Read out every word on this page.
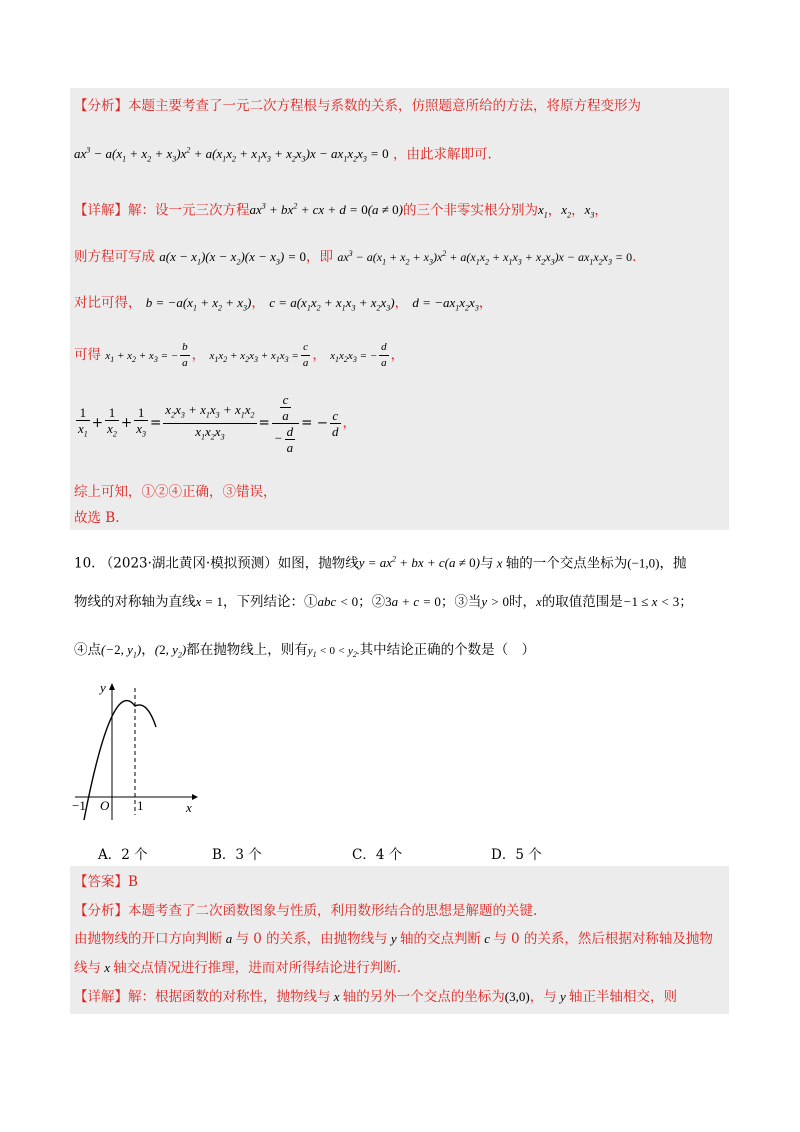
【分析】本题主要考查了一元二次方程根与系数的关系，仿照题意所给的方法，将原方程变形为
$ax^3 - a(x_1 + x_2 + x_3)x^2 + a(x_1x_2 + x_1x_3 + x_2x_3)x - ax_1x_2x_3 = 0$ ，由此求解即可.
【详解】解：设一元三次方程$ax^3 + bx^2$ + cx + d = 0(a ≠ 0)的三个非零实根分别为$x_1$，$x_2$，$x_3$，
则方程可写成 $a(x - x_1)(x - x_2)(x - x_3) = 0$，即 $ax^3 - a(x_1 + x_2 + x_3)x^2 + a(x_1x_2 + x_1x_3 + x_2x_3)x - ax_1x_2x_3 = 0$.
对比可得， $b = -a(x_1 + x_2 + x_3)$， $c = a(x_1x_2 + x_1x_3 + x_2x_3)$， $d = -ax_1x_2x_3$，
可得 $x_1 + x_2 + x_3$ = − $\frac{b}{a}$ ， $x_1x_2 + x_2x_3 + x_1x_3 = \frac{c}{a}$ ， $x_1x_2x_3$ = − $\frac{d}{a}$ ，
$\frac{1}{x_1} + \frac{1}{x_2} + \frac{1}{x_3} = \frac{x_2x_3 + x_1x_3 + x_1x_2}{x_1x_2x_3} = \frac{\frac{c}{a}}{- \frac{d}{a}}$ = − $\frac{c}{d}$ ，
综上可知，①②④正确，③错误，
故选 B.
10. （2023·湖北黄冈·模拟预测）如图，抛物线$y = ax^2$ + bx + c(a ≠ 0)与 x 轴的一个交点坐标为(−1,0)，抛
物线的对称轴为直线x = 1，下列结论：①abc < 0；②3a + c = 0；③当y > 0时，x的取值范围是−1 ≤ x < 3；
④点(−2, $y_1$)，(2, $y_2$)都在抛物线上，则有$y_1 < 0 < y_2$.其中结论正确的个数是（　）
y
x
O
−1	1
A．2 个	B．3 个	C．4 个	D．5 个
【答案】B
【分析】本题考查了二次函数图象与性质，利用数形结合的思想是解题的关键.
由抛物线的开口方向判断 a 与 0 的关系，由抛物线与 y 轴的交点判断 c 与 0 的关系，然后根据对称轴及抛物
线与 x 轴交点情况进行推理，进而对所得结论进行判断.
【详解】解：根据函数的对称性，抛物线与 x 轴的另外一个交点的坐标为(3,0)，与 y 轴正半轴相交，则
